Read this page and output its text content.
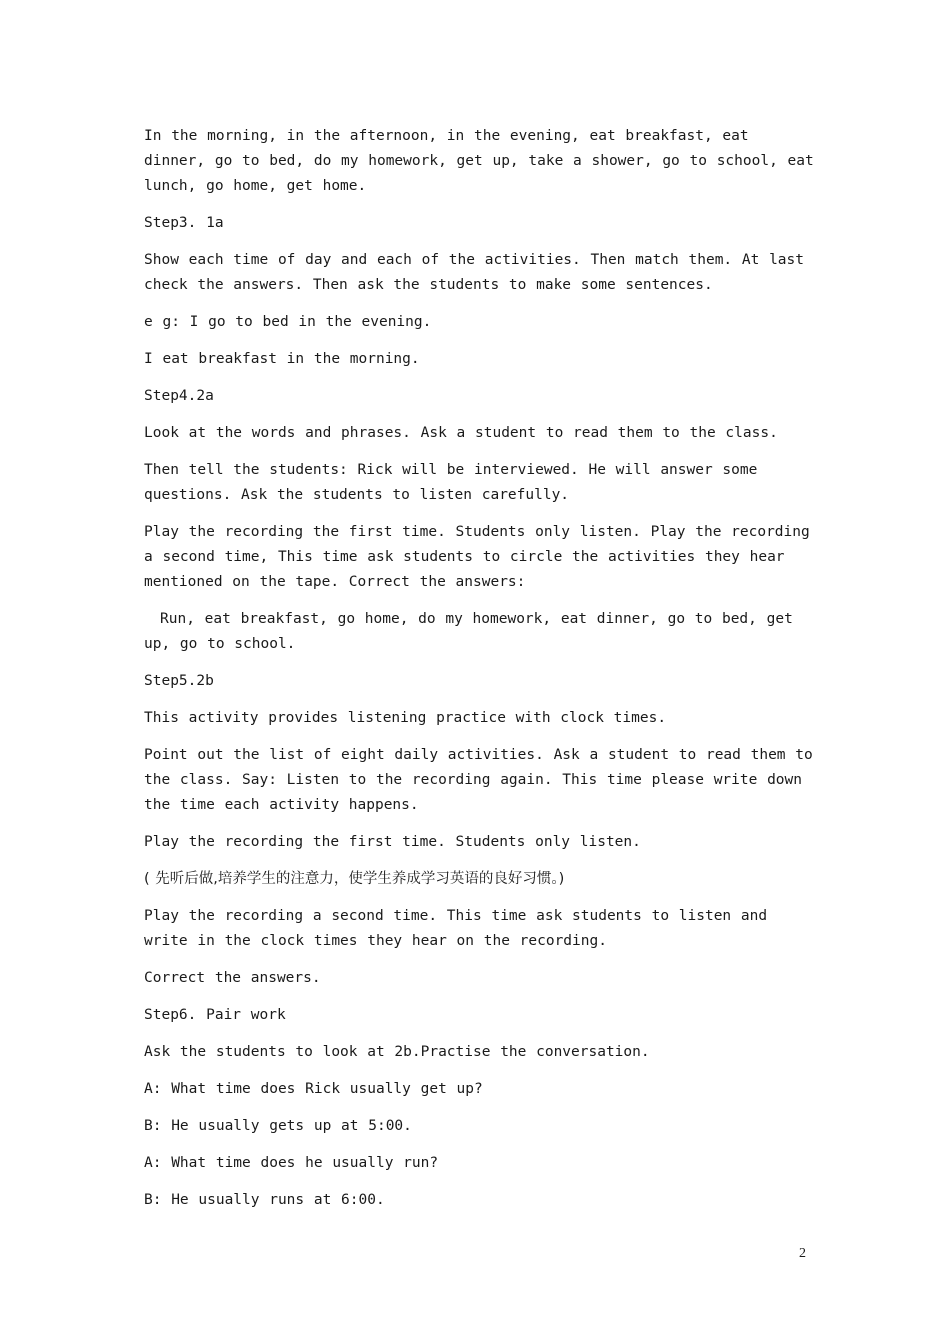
In the morning, in the afternoon, in the evening, eat breakfast, eat dinner, go to bed, do my homework, get up, take a shower, go to school, eat lunch, go home, get home.

Step3. 1a

Show each time of day and each of the activities. Then match them. At last check the answers. Then ask the students to make some sentences.

e g: I go to bed in the evening.

I eat breakfast in the morning.

Step4.2a

Look at the words and phrases. Ask a student to read them to the class.

Then tell the students: Rick will be interviewed. He will answer some questions. Ask the students to listen carefully.

Play the recording the first time. Students only listen. Play the recording a second time, This time ask students to circle the activities they hear mentioned on the tape. Correct the answers:

Run, eat breakfast, go home, do my homework, eat dinner, go to bed, get up, go to school.

Step5.2b

This activity provides listening practice with clock times.

Point out the list of eight daily activities. Ask a student to read them to the class. Say: Listen to the recording again. This time please write down the time each activity happens.

Play the recording the first time. Students only listen.

( 先听后做,培养学生的注意力，使学生养成学习英语的良好习惯。)

Play the recording a second time. This time ask students to listen and write in the clock times they hear on the recording.

Correct the answers.

Step6. Pair work

Ask the students to look at 2b.Practise the conversation.

A: What time does Rick usually get up?

B: He usually gets up at 5:00.

A: What time does he usually run?

B: He usually runs at 6:00.

2
